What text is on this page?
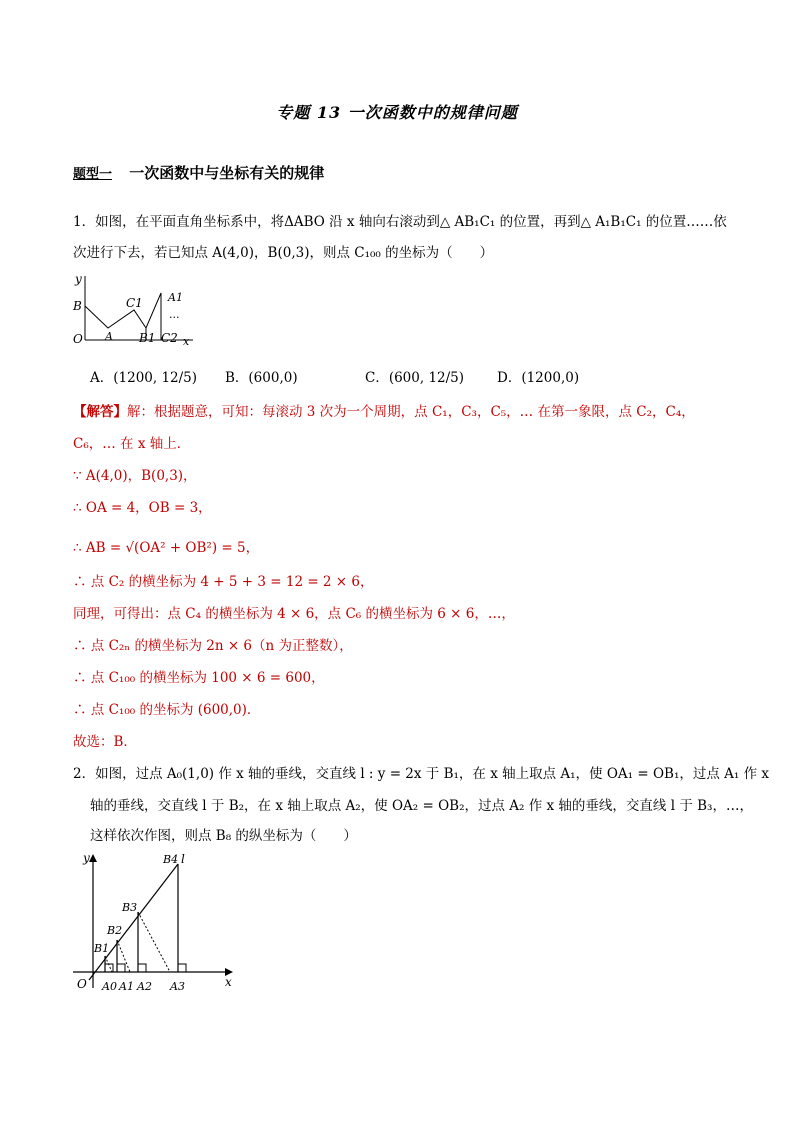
专题 13 一次函数中的规律问题
题型一 一次函数中与坐标有关的规律
1．如图，在平面直角坐标系中，将ΔABO 沿 x 轴向右滚动到△ AB₁C₁ 的位置，再到△ A₁B₁C₁ 的位置……依
次进行下去，若已知点 A(4,0)，B(0,3)，则点 C₁₀₀ 的坐标为（　　）
y
B
O A
C1
B1 C2
A1
...
x
A．(1200, 12/5) B．(600,0)	C．(600, 12/5) D．(1200,0)
【解答】解：根据题意，可知：每滚动 3 次为一个周期，点 C₁，C₃，C₅，… 在第一象限，点 C₂，C₄，
C₆，… 在 x 轴上．
∵ A(4,0)，B(0,3)，
∴ OA = 4，OB = 3，
∴ AB = √(OA² + OB²) = 5，
∴ 点 C₂ 的横坐标为 4 + 5 + 3 = 12 = 2 × 6，
同理，可得出：点 C₄ 的横坐标为 4 × 6，点 C₆ 的横坐标为 6 × 6，…，
∴ 点 C₂ₙ 的横坐标为 2n × 6（n 为正整数），
∴ 点 C₁₀₀ 的横坐标为 100 × 6 = 600，
∴ 点 C₁₀₀ 的坐标为 (600,0)．
故选：B．
2．如图，过点 A₀(1,0) 作 x 轴的垂线，交直线 l : y = 2x 于 B₁，在 x 轴上取点 A₁，使 OA₁ = OB₁，过点 A₁ 作 x
轴的垂线，交直线 l 于 B₂，在 x 轴上取点 A₂，使 OA₂ = OB₂，过点 A₂ 作 x 轴的垂线，交直线 l 于 B₃，…，
这样依次作图，则点 B₈ 的纵坐标为（　　）
y
x
O
B4 l
B3
B2
B1
A0 A1 A2 A3
